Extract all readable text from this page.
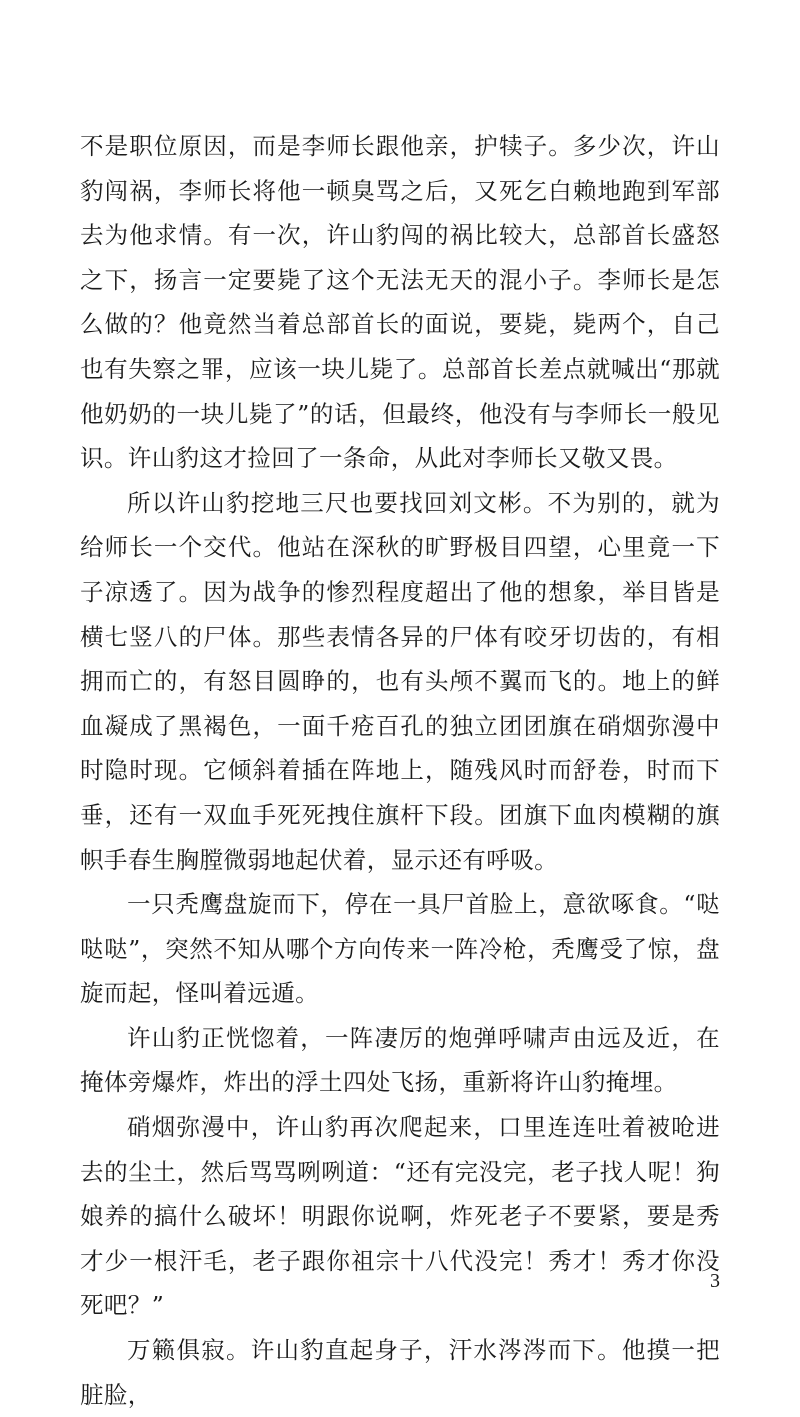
不是职位原因，而是李师长跟他亲，护犊子。多少次，许山豹闯祸，李师长将他一顿臭骂之后，又死乞白赖地跑到军部去为他求情。有一次，许山豹闯的祸比较大，总部首长盛怒之下，扬言一定要毙了这个无法无天的混小子。李师长是怎么做的？他竟然当着总部首长的面说，要毙，毙两个，自己也有失察之罪，应该一块儿毙了。总部首长差点就喊出“那就他奶奶的一块儿毙了”的话，但最终，他没有与李师长一般见识。许山豹这才捡回了一条命，从此对李师长又敬又畏。

所以许山豹挖地三尺也要找回刘文彬。不为别的，就为给师长一个交代。他站在深秋的旷野极目四望，心里竟一下子凉透了。因为战争的惨烈程度超出了他的想象，举目皆是横七竖八的尸体。那些表情各异的尸体有咬牙切齿的，有相拥而亡的，有怒目圆睁的，也有头颅不翼而飞的。地上的鲜血凝成了黑褐色，一面千疮百孔的独立团团旗在硝烟弥漫中时隐时现。它倾斜着插在阵地上，随残风时而舒卷，时而下垂，还有一双血手死死拽住旗杆下段。团旗下血肉模糊的旗帜手春生胸膛微弱地起伏着，显示还有呼吸。

一只秃鹰盘旋而下，停在一具尸首脸上，意欲啄食。“哒哒哒”，突然不知从哪个方向传来一阵冷枪，秃鹰受了惊，盘旋而起，怪叫着远遁。

许山豹正恍惚着，一阵凄厉的炮弹呼啸声由远及近，在掩体旁爆炸，炸出的浮土四处飞扬，重新将许山豹掩埋。

硝烟弥漫中，许山豹再次爬起来，口里连连吐着被呛进去的尘土，然后骂骂咧咧道：“还有完没完，老子找人呢！狗娘养的搞什么破坏！明跟你说啊，炸死老子不要紧，要是秀才少一根汗毛，老子跟你祖宗十八代没完！秀才！秀才你没死吧？”

万籁俱寂。许山豹直起身子，汗水涔涔而下。他摸一把脏脸，

3
